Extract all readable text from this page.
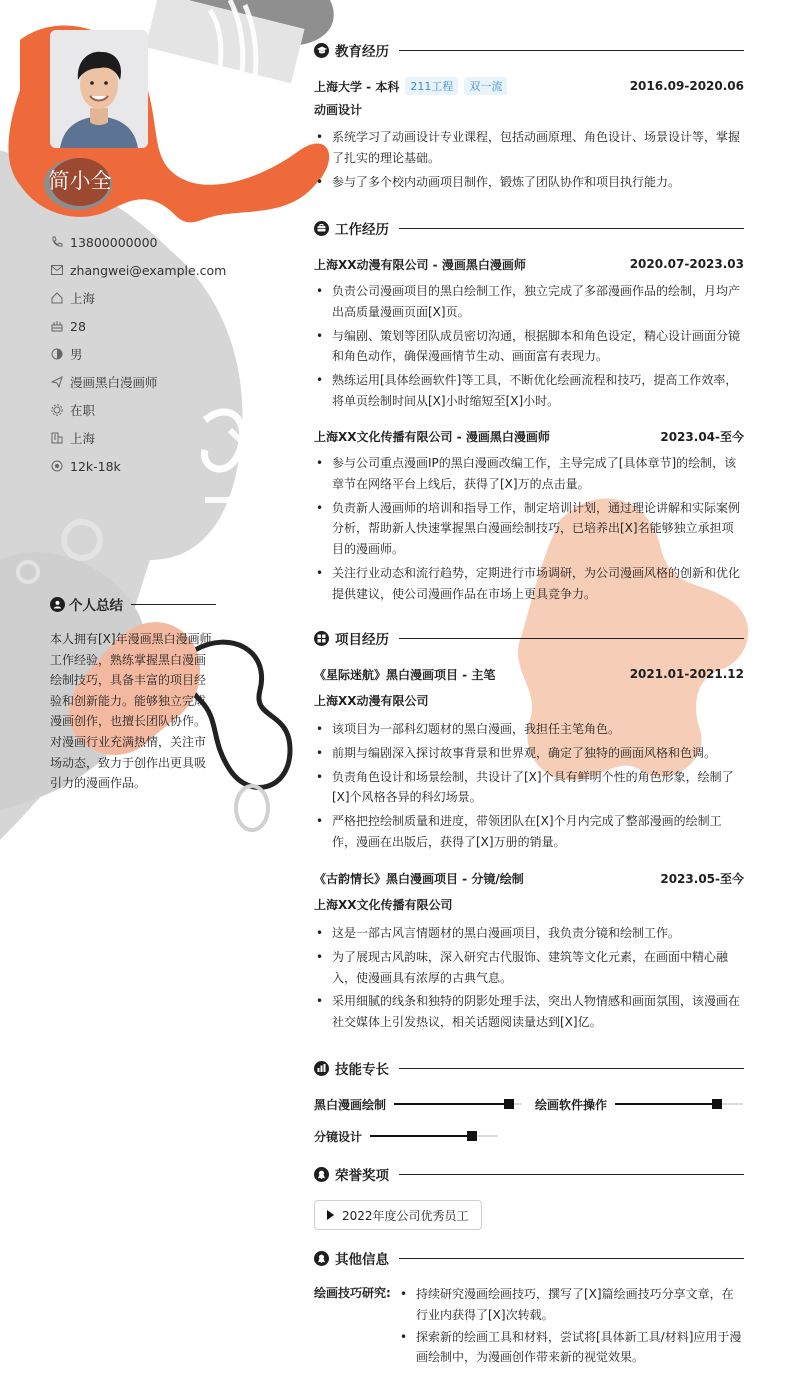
简小全
13800000000
zhangwei@example.com
上海
28
男
漫画黑白漫画师
在职
上海
12k-18k
个人总结
本人拥有[X]年漫画黑白漫画师工作经验，熟练掌握黑白漫画绘制技巧，具备丰富的项目经验和创新能力。能够独立完成漫画创作，也擅长团队协作。对漫画行业充满热情，关注市场动态，致力于创作出更具吸引力的漫画作品。
教育经历
上海大学 - 本科	211工程	双一流	2016.09-2020.06
动画设计
• 系统学习了动画设计专业课程，包括动画原理、角色设计、场景设计等，掌握了扎实的理论基础。
• 参与了多个校内动画项目制作，锻炼了团队协作和项目执行能力。
工作经历
上海XX动漫有限公司 - 漫画黑白漫画师	2020.07-2023.03
• 负责公司漫画项目的黑白绘制工作，独立完成了多部漫画作品的绘制，月均产出高质量漫画页面[X]页。
• 与编剧、策划等团队成员密切沟通，根据脚本和角色设定，精心设计画面分镜和角色动作，确保漫画情节生动、画面富有表现力。
• 熟练运用[具体绘画软件]等工具，不断优化绘画流程和技巧，提高工作效率，将单页绘制时间从[X]小时缩短至[X]小时。
上海XX文化传播有限公司 - 漫画黑白漫画师	2023.04-至今
• 参与公司重点漫画IP的黑白漫画改编工作，主导完成了[具体章节]的绘制，该章节在网络平台上线后，获得了[X]万的点击量。
• 负责新人漫画师的培训和指导工作，制定培训计划，通过理论讲解和实际案例分析，帮助新人快速掌握黑白漫画绘制技巧，已培养出[X]名能够独立承担项目的漫画师。
• 关注行业动态和流行趋势，定期进行市场调研，为公司漫画风格的创新和优化提供建议，使公司漫画作品在市场上更具竞争力。
项目经历
《星际迷航》黑白漫画项目 - 主笔	2021.01-2021.12
上海XX动漫有限公司
• 该项目为一部科幻题材的黑白漫画，我担任主笔角色。
• 前期与编剧深入探讨故事背景和世界观，确定了独特的画面风格和色调。
• 负责角色设计和场景绘制，共设计了[X]个具有鲜明个性的角色形象，绘制了[X]个风格各异的科幻场景。
• 严格把控绘制质量和进度，带领团队在[X]个月内完成了整部漫画的绘制工作，漫画在出版后，获得了[X]万册的销量。
《古韵情长》黑白漫画项目 - 分镜/绘制	2023.05-至今
上海XX文化传播有限公司
• 这是一部古风言情题材的黑白漫画项目，我负责分镜和绘制工作。
• 为了展现古风韵味，深入研究古代服饰、建筑等文化元素，在画面中精心融入，使漫画具有浓厚的古典气息。
• 采用细腻的线条和独特的阴影处理手法，突出人物情感和画面氛围，该漫画在社交媒体上引发热议，相关话题阅读量达到[X]亿。
技能专长
黑白漫画绘制	绘画软件操作
分镜设计
荣誉奖项
2022年度公司优秀员工
其他信息
绘画技巧研究:
•	持续研究漫画绘画技巧，撰写了[X]篇绘画技巧分享文章，在行业内获得了[X]次转载。
• 探索新的绘画工具和材料，尝试将[具体新工具/材料]应用于漫画绘制中，为漫画创作带来新的视觉效果。
